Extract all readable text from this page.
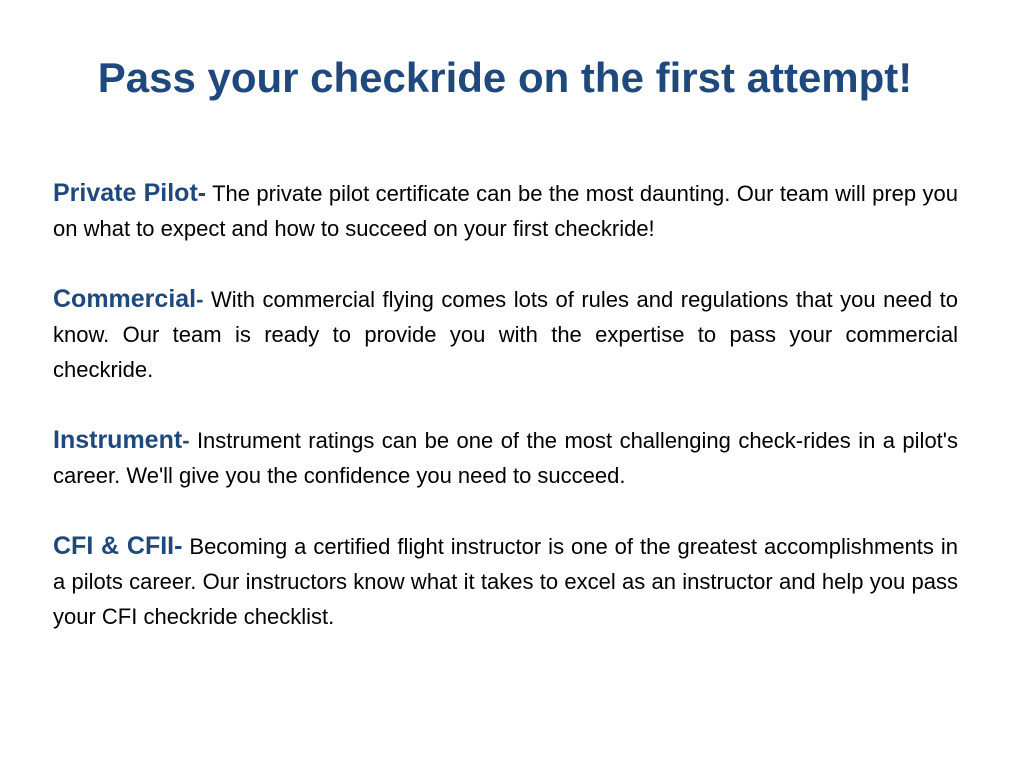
Pass your checkride on the first attempt!

Private Pilot- The private pilot certificate can be the most daunting. Our team will prep you on what to expect and how to succeed on your first checkride!

Commercial- With commercial flying comes lots of rules and regulations that you need to know. Our team is ready to provide you with the expertise to pass your commercial checkride.

Instrument- Instrument ratings can be one of the most challenging check-rides in a pilot's career. We'll give you the confidence you need to succeed.

CFI & CFII- Becoming a certified flight instructor is one of the greatest accomplishments in a pilots career. Our instructors know what it takes to excel as an instructor and help you pass your CFI checkride checklist.
